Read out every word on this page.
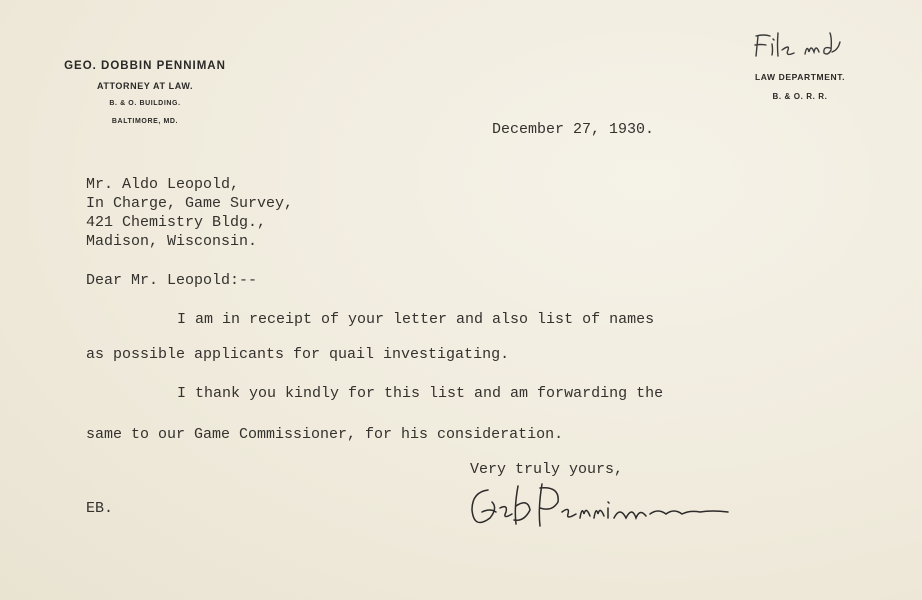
GEO. DOBBIN PENNIMAN
ATTORNEY AT LAW.
B. & O. BUILDING.
BALTIMORE, MD.
LAW DEPARTMENT.
B. & O. R. R.
December 27, 1930.
Mr. Aldo Leopold,
In Charge, Game Survey,
421 Chemistry Bldg.,
Madison, Wisconsin.
Dear Mr. Leopold:--
I am in receipt of your letter and also list of names
as possible applicants for quail investigating.
I thank you kindly for this list and am forwarding the
same to our Game Commissioner, for his consideration.
Very truly yours,
EB.
